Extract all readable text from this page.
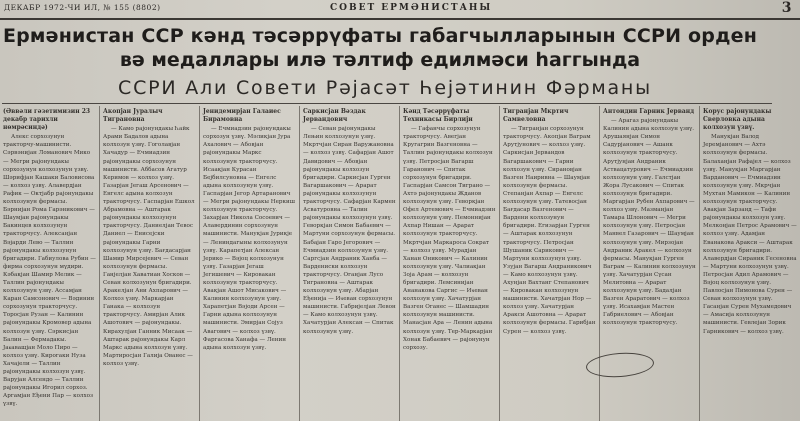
ДЕКАБР 1972-ЧИ ИЛ, № 155 (8802)	СОВЕТ ЕРМӘНИСТАНЫ	3
Ермәнистан ССР кәнд тәсәррүфаты габагчылларынын ССРИ орден
вә медаллары илә тәлтиф едилмәси һаггында
ССРИ Али Совети Рәјасәт Һејәтинин Фәрманы

(Әввәли гәзетимизин 23 декабр тарихли нөмрәсиндә)

Алекс сорхозунун тракторчу-машинисти. Сәрвәнијан Ломанович Мико — Мегри рајонундакы сорхозунун колхозунун үзвү. Шәрифјан Кашаки Баловисова — колхоз үзвү. Алавердјан Рафик — Октјабр рајонундакы колхозунун фермасы. Бәрнијан Рома Гарәникович — Шаумјан рајонундакы Бакинцев колхозунун тракторчусу. Алексанјан Вәјарди Лево — Таллин рајонундакы колхозунун бригадири. Габиулова Рубин — фирма сорхозунун мүдири. Кәбакјан Шамир Мелик — Таллин рајонундакы колхозунун үзвү. Ассамјан Каран Самсонович — Вәдинин сорхозунун тракторчусу. Торосјан Рузан — Калинин рајонундакы Кромовер адына колхозун үзвү. Сәркисјан Балин — Фермадакы. Јаҝавашјан Моло Пиро — колхоз үзвү. Кирогаки Нуза Хачајели — Таллин рајонундакы колхозун үзвү. Варујан Алсендо — Таллин рајонундакы Игорил сорхоз. Аргамјан Еђени Пар — колхоз үзвү.

Акопјан Јуралыч Тиграновна

— Камо рајонундакы Һайк Арами Бадалов адына колхозун үзвү. Гоголавјан Хачадур — Ечмиадзин рајонундакы сорхозунун машинисти. Аббасов Агатур Керимов — колхоз үзвү. Газарјан Јегаш Арсенович — Енгелс адына колхозун тракторчусу. Гаспарјан Ешкол Абрамовна — Аштарак рајонундакы колхозунун тракторчусу. Даниелјан Тевос Даниел — Енисејски рајонундакы Гарни колхозунун үзвү. Бағдасарјан Шамир Мирсејевич — Севан колхозунун фермасы. Ганјелјан Хаватиан Хосков — Севан колхозунун бригадири. Аракелјан Ани Ахпарович — Колхоз үзвү. Маркарјан Ганака — колхозун тракторчусу. Амирјан Алик Ашотович — рајонундакы. Кирахулјан Ганник Мисаак — Аштарак рајонундакы Карл Маркс адына колхозун үзвү. Мартиросјан Галија Ованес — колхоз үзвү.

Јенидемирјан Галаиес Бирамовна

— Ечмиадзин рајонундакы сорхозун үзвү. Мәликјан Јура Ахалович — Абовјан рајонундакы Маркс колхозунун тракторчусу. Исаакјан Курасан Бејбилсуновна — Енгелс адына колхозунун үзвү. Гаспарјан Јегор Артаранович — Мегри рајонундакы Неркиш колхозунун тракторчусу. Захарјан Никола Сосоевич — Алавердинин сорхозунун машинисти. Манукјан Јурикје — Лениндагыны колхозунун үзвү. Карапетјан Алексан Јерико — Вәјоц колхозунун үзвү. Газарјан Јегаш Јегишевич — Кировакан колхозунун тракторчусу. Авакјан Ашот Мисакович — Калинин колхозунун үзвү. Харапетјан Вәјоди Арсен — Гарни адына колхозунун машинисти. Эмирјан Сојуз Авагович — колхоз үзвү. Фаргасова Ханафа — Ленин адына колхозун үзвү.

Саркисјан Вәздак Јервандович

— Севан рајонундакы Лењин колхозунун үзвү. Мкртчјан Сиран Варужановна — колхоз үзвү. Сафарјан Ашот Давидович — Абовјан рајонундакы колхозун бригадири. Саркисјан Гурген Вагаршакович — Арарат рајонундакы колхозунун тракторчусу. Сафарјан Кармен Асватуровна — Талин рајонундакы колхозунун үзвү. Геворкјан Симон Бабаевич — Мартуни сорхозунун фермасы. Бабајан Гаро Јегорович — Ечмиадзин колхозунун үзвү. Саргсјан Андраник Ханба — Вардениски колхозун тракторчусу. Оганјан Лусо Тиграновна — Аштарак колхозунун үзвү. Абарјан Еђенија — Иҹеван сорхозунун машинисти. Габријелјан Левон — Камо колхозунун үзвү. Хачатурјан Алексан — Спитак колхозунун үзвү.

Кәнд Тәсәррүфаты Техникасы Бирлији

— Гафанчы сорхозунун тракторчусу. Авегјан Кругагрин Вазгеновна — Таллин рајонундакы колхозун үзвү. Петросјан Вагарш Гаранович — Спитак сорхозунун бригадири. Гаспарјан Самсон Тиграно — Ахтә рајонундакы Жданов колхозунун үзвү. Геворкјан Офел Артемович — Ечмиадзин колхозунун үзвү. Пемоннијан Ахпар Нишан — Арарат колхозунун тракторчусу. Мкртчјан Маркароса Сократ — колхоз үзвү. Мурадјан Ханан Оникович — Калинин колхозунун үзвү. Чалиакјан Зоја Арам — колхозун бригадири. Лемсинијан Ананакова Саргис — Иҹеван колхозун үзвү. Хачатурјан Вазген Оганес — Шамшадин колхозунун машинисти. Манасјан Ара — Ленин адына колхозун үзвү. Тер-Маркарјан Хонак Бабаевич — рајонунун сорхозу.

Тигранјан Мкртич Самвеловна

— Тигранјан сорхозунун тракторчусу. Акопјан Ваграм Арутјунович — колхоз үзвү. Саркисјан Јервандов Вагаршакович — Гарни колхозун үзвү. Сирановјан Вазген Наиривна — Шаумјан колхозунун фермасы. Степанјан Ахпар — Енгелс колхозунун үзвү. Татевосјан Бағдасар Вазгенович — Вардени колхозунун бригадири. Егизарјан Гурген — Аштарак колхозунун тракторчусу. Петросјан Шушаник Сарикович — Мартуни колхозунун үзвү. Узујан Вагарш Андраникович — Камо колхозунун үзвү. Ахунјан Вахтанг Степанович — Кировакан колхозунун машинисти. Хачатрјан Нор — колхоз үзвү. Хачатурјан Аракси Ашотовна — Арарат колхозунун фермасы. Гарибјан Сурен — колхоз үзвү.

Антоидин Гарник Јерванд

— Арагаз рајонундакы Калинин адына колхозун үзвү. Арушаянјан Симон Садурјанович — Ашанк колхозунун тракторчусу. Арутјунјан Андраник Аствацатурович — Ечмиадзин колхозунун үзвү. Галстјан Жора Лусакович — Спитак колхозунун бригадири. Маргарјан Рубен Ахпарович — колхоз үзвү. Мазманјан Тамара Шлонович — Мегри колхозунун үзвү. Петросјан Манвел Газарович — Шаумјан колхозунун үзвү. Мирзојан Андраник Аракел — колхозун фермасы. Манукјан Гурген Ваграм — Калинин колхозунун үзвү. Хачатурјан Сүсан Мелитовна — Арарат колхозунун үзвү. Бадалјан Вазген Араратович — колхоз үзвү. Исахамјан Мастен Габриелович — Абовјан колхозунун тракторчусу.

Корус рајонундакы Сверловка адына колхозун үзвү.

Манукјан Валод Јеремјанович — Ахтә колхозунун фермасы. Балаханјан Рафајел — колхоз үзвү. Манукјан Маргарјан Варданович — Ечмиадзин колхозунун үзвү. Мкрчјан Мухтан Мамикон — Калинин колхозунун тракторчусу. Авакјан Зарзанд — Тафи рајонундакы колхозун үзвү. Мелконјан Петрос Арамович — колхоз үзвү. Адамјан Еванакова Аракси — Аштарак колхозунун бригадири. Алавердјан Сираник Гесеновна — Мартуни колхозунун үзвү. Петросјан Адил Арамович — Вәјоц колхозунун үзвү. Павлосјан Пимонова Сурен — Севан колхозунун үзвү. Гасанјан Сурен Мухамедович — Амасија колхозунун машинисти. Гевлејан Зорик Гарникович — колхоз үзвү.
